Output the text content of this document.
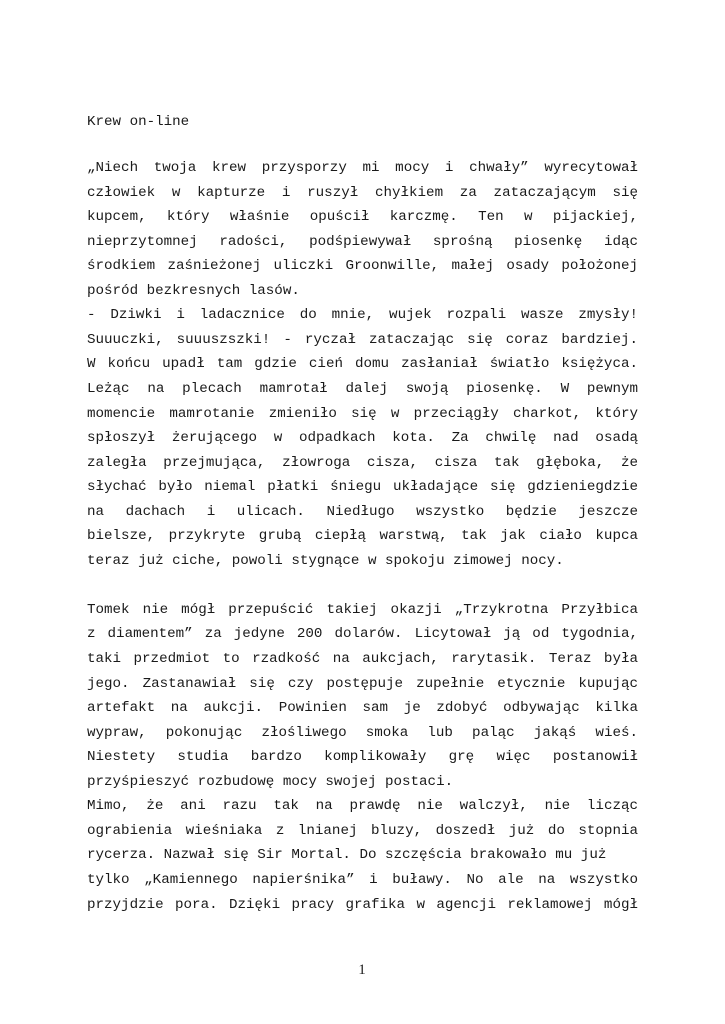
Krew on-line
„Niech twoja krew przysporzy mi mocy i chwały” wyrecytował
człowiek w kapturze i ruszył chyłkiem za zataczającym się
kupcem, który właśnie opuścił karczmę. Ten w pijackiej,
nieprzytomnej radości, podśpiewywał sprośną piosenkę idąc
środkiem zaśnieżonej uliczki Groonwille, małej osady położonej
pośród bezkresnych lasów.
- Dziwki i ladacznice do mnie, wujek rozpali wasze zmysły!
Suuuczki, suuuszszki! - ryczał zataczając się coraz bardziej.
W końcu upadł tam gdzie cień domu zasłaniał światło księżyca.
Leżąc na plecach mamrotał dalej swoją piosenkę. W pewnym
momencie mamrotanie zmieniło się w przeciągły charkot, który
spłoszył żerującego w odpadkach kota. Za chwilę nad osadą
zaległa przejmująca, złowroga cisza, cisza tak głęboka, że
słychać było niemal płatki śniegu układające się gdzieniegdzie
na dachach i ulicach. Niedługo wszystko będzie jeszcze
bielsze, przykryte grubą ciepłą warstwą, tak jak ciało kupca
teraz już ciche, powoli stygnące w spokoju zimowej nocy.
Tomek nie mógł przepuścić takiej okazji „Trzykrotna Przyłbica
z diamentem” za jedyne 200 dolarów. Licytował ją od tygodnia,
taki przedmiot to rzadkość na aukcjach, rarytasik. Teraz była
jego. Zastanawiał się czy postępuje zupełnie etycznie kupując
artefakt na aukcji. Powinien sam je zdobyć odbywając kilka
wypraw, pokonując złośliwego smoka lub paląc jakąś wieś.
Niestety studia bardzo komplikowały grę więc postanowił
przyśpieszyć rozbudowę mocy swojej postaci.
Mimo, że ani razu tak na prawdę nie walczył, nie licząc
ograbienia wieśniaka z lnianej bluzy, doszedł już do stopnia
rycerza. Nazwał się Sir Mortal. Do szczęścia brakowało mu już
tylko „Kamiennego napierśnika” i buławy. No ale na wszystko
przyjdzie pora. Dzięki pracy grafika w agencji reklamowej mógł
1
